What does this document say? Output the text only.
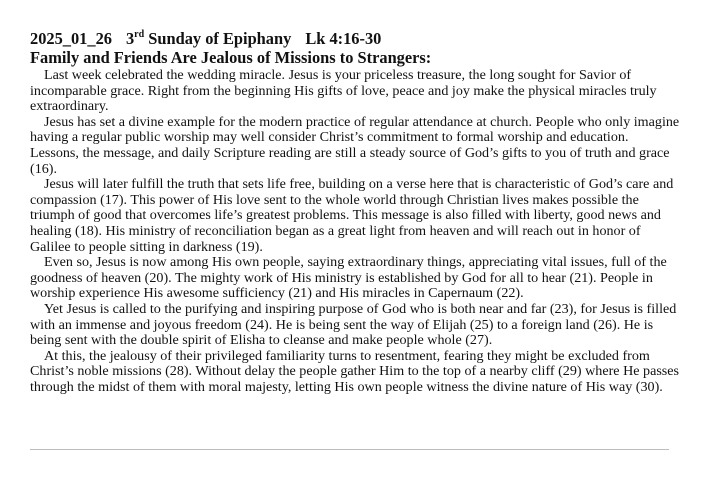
2025_01_26 3rd Sunday of Epiphany Lk 4:16-30
Family and Friends Are Jealous of Missions to Strangers:

Last week celebrated the wedding miracle. Jesus is your priceless treasure, the long sought for Savior of incomparable grace. Right from the beginning His gifts of love, peace and joy make the physical miracles truly extraordinary.

Jesus has set a divine example for the modern practice of regular attendance at church. People who only imagine having a regular public worship may well consider Christ’s commitment to formal worship and education. Lessons, the message, and daily Scripture reading are still a steady source of God’s gifts to you of truth and grace (16).

Jesus will later fulfill the truth that sets life free, building on a verse here that is characteristic of God’s care and compassion (17). This power of His love sent to the whole world through Christian lives makes possible the triumph of good that overcomes life’s greatest problems. This message is also filled with liberty, good news and healing (18). His ministry of reconciliation began as a great light from heaven and will reach out in honor of Galilee to people sitting in darkness (19).

Even so, Jesus is now among His own people, saying extraordinary things, appreciating vital issues, full of the goodness of heaven (20). The mighty work of His ministry is established by God for all to hear (21). People in worship experience His awesome sufficiency (21) and His miracles in Capernaum (22).

Yet Jesus is called to the purifying and inspiring purpose of God who is both near and far (23), for Jesus is filled with an immense and joyous freedom (24). He is being sent the way of Elijah (25) to a foreign land (26). He is being sent with the double spirit of Elisha to cleanse and make people whole (27).

At this, the jealousy of their privileged familiarity turns to resentment, fearing they might be excluded from Christ’s noble missions (28). Without delay the people gather Him to the top of a nearby cliff (29) where He passes through the midst of them with moral majesty, letting His own people witness the divine nature of His way (30).
